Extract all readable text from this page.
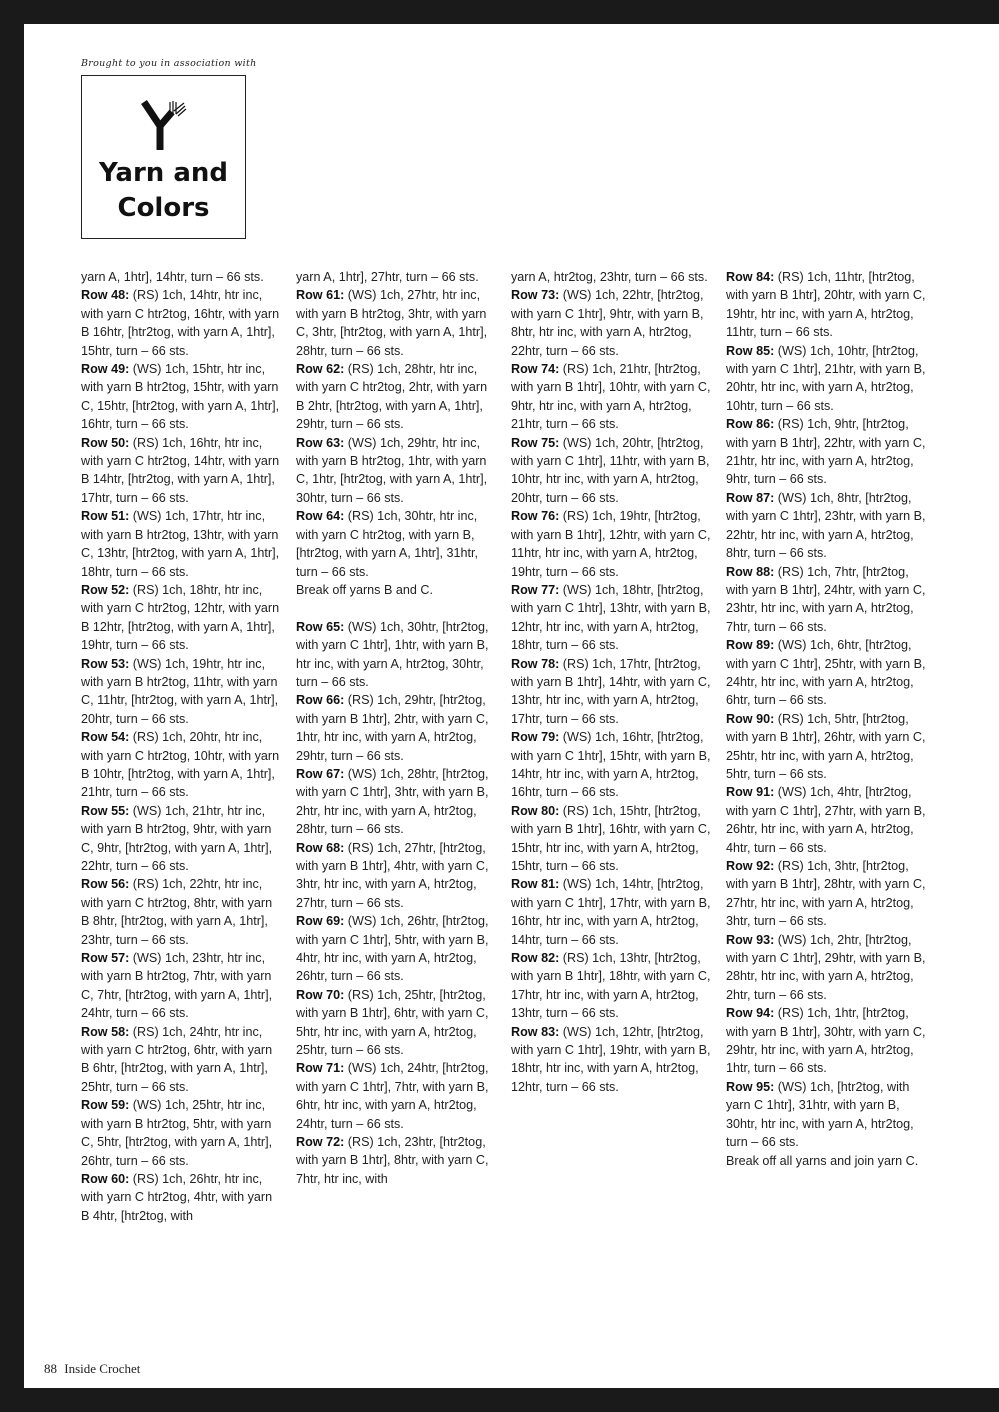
Brought to you in association with
Yarn and
Colors
yarn A, 1htr], 14htr, turn – 66 sts.
Row 48: (RS) 1ch, 14htr, htr inc, with yarn C htr2tog, 16htr, with yarn B 16htr, [htr2tog, with yarn A, 1htr], 15htr, turn – 66 sts.
Row 49: (WS) 1ch, 15htr, htr inc, with yarn B htr2tog, 15htr, with yarn C, 15htr, [htr2tog, with yarn A, 1htr], 16htr, turn – 66 sts.
Row 50: (RS) 1ch, 16htr, htr inc, with yarn C htr2tog, 14htr, with yarn B 14htr, [htr2tog, with yarn A, 1htr], 17htr, turn – 66 sts.
Row 51: (WS) 1ch, 17htr, htr inc, with yarn B htr2tog, 13htr, with yarn C, 13htr, [htr2tog, with yarn A, 1htr], 18htr, turn – 66 sts.
Row 52: (RS) 1ch, 18htr, htr inc, with yarn C htr2tog, 12htr, with yarn B 12htr, [htr2tog, with yarn A, 1htr], 19htr, turn – 66 sts.
Row 53: (WS) 1ch, 19htr, htr inc, with yarn B htr2tog, 11htr, with yarn C, 11htr, [htr2tog, with yarn A, 1htr], 20htr, turn – 66 sts.
Row 54: (RS) 1ch, 20htr, htr inc, with yarn C htr2tog, 10htr, with yarn B 10htr, [htr2tog, with yarn A, 1htr], 21htr, turn – 66 sts.
Row 55: (WS) 1ch, 21htr, htr inc, with yarn B htr2tog, 9htr, with yarn C, 9htr, [htr2tog, with yarn A, 1htr], 22htr, turn – 66 sts.
Row 56: (RS) 1ch, 22htr, htr inc, with yarn C htr2tog, 8htr, with yarn B 8htr, [htr2tog, with yarn A, 1htr], 23htr, turn – 66 sts.
Row 57: (WS) 1ch, 23htr, htr inc, with yarn B htr2tog, 7htr, with yarn C, 7htr, [htr2tog, with yarn A, 1htr], 24htr, turn – 66 sts.
Row 58: (RS) 1ch, 24htr, htr inc, with yarn C htr2tog, 6htr, with yarn B 6htr, [htr2tog, with yarn A, 1htr], 25htr, turn – 66 sts.
Row 59: (WS) 1ch, 25htr, htr inc, with yarn B htr2tog, 5htr, with yarn C, 5htr, [htr2tog, with yarn A, 1htr], 26htr, turn – 66 sts.
Row 60: (RS) 1ch, 26htr, htr inc, with yarn C htr2tog, 4htr, with yarn B 4htr, [htr2tog, with
yarn A, 1htr], 27htr, turn – 66 sts.
Row 61: (WS) 1ch, 27htr, htr inc, with yarn B htr2tog, 3htr, with yarn C, 3htr, [htr2tog, with yarn A, 1htr], 28htr, turn – 66 sts.
Row 62: (RS) 1ch, 28htr, htr inc, with yarn C htr2tog, 2htr, with yarn B 2htr, [htr2tog, with yarn A, 1htr], 29htr, turn – 66 sts.
Row 63: (WS) 1ch, 29htr, htr inc, with yarn B htr2tog, 1htr, with yarn C, 1htr, [htr2tog, with yarn A, 1htr], 30htr, turn – 66 sts.
Row 64: (RS) 1ch, 30htr, htr inc, with yarn C htr2tog, with yarn B, [htr2tog, with yarn A, 1htr], 31htr, turn – 66 sts.
Break off yarns B and C.
Row 65: (WS) 1ch, 30htr, [htr2tog, with yarn C 1htr], 1htr, with yarn B, htr inc, with yarn A, htr2tog, 30htr, turn – 66 sts.
Row 66: (RS) 1ch, 29htr, [htr2tog, with yarn B 1htr], 2htr, with yarn C, 1htr, htr inc, with yarn A, htr2tog, 29htr, turn – 66 sts.
Row 67: (WS) 1ch, 28htr, [htr2tog, with yarn C 1htr], 3htr, with yarn B, 2htr, htr inc, with yarn A, htr2tog, 28htr, turn – 66 sts.
Row 68: (RS) 1ch, 27htr, [htr2tog, with yarn B 1htr], 4htr, with yarn C, 3htr, htr inc, with yarn A, htr2tog, 27htr, turn – 66 sts.
Row 69: (WS) 1ch, 26htr, [htr2tog, with yarn C 1htr], 5htr, with yarn B, 4htr, htr inc, with yarn A, htr2tog, 26htr, turn – 66 sts.
Row 70: (RS) 1ch, 25htr, [htr2tog, with yarn B 1htr], 6htr, with yarn C, 5htr, htr inc, with yarn A, htr2tog, 25htr, turn – 66 sts.
Row 71: (WS) 1ch, 24htr, [htr2tog, with yarn C 1htr], 7htr, with yarn B, 6htr, htr inc, with yarn A, htr2tog, 24htr, turn – 66 sts.
Row 72: (RS) 1ch, 23htr, [htr2tog, with yarn B 1htr], 8htr, with yarn C, 7htr, htr inc, with
yarn A, htr2tog, 23htr, turn – 66 sts.
Row 73: (WS) 1ch, 22htr, [htr2tog, with yarn C 1htr], 9htr, with yarn B, 8htr, htr inc, with yarn A, htr2tog, 22htr, turn – 66 sts.
Row 74: (RS) 1ch, 21htr, [htr2tog, with yarn B 1htr], 10htr, with yarn C, 9htr, htr inc, with yarn A, htr2tog, 21htr, turn – 66 sts.
Row 75: (WS) 1ch, 20htr, [htr2tog, with yarn C 1htr], 11htr, with yarn B, 10htr, htr inc, with yarn A, htr2tog, 20htr, turn – 66 sts.
Row 76: (RS) 1ch, 19htr, [htr2tog, with yarn B 1htr], 12htr, with yarn C, 11htr, htr inc, with yarn A, htr2tog, 19htr, turn – 66 sts.
Row 77: (WS) 1ch, 18htr, [htr2tog, with yarn C 1htr], 13htr, with yarn B, 12htr, htr inc, with yarn A, htr2tog, 18htr, turn – 66 sts.
Row 78: (RS) 1ch, 17htr, [htr2tog, with yarn B 1htr], 14htr, with yarn C, 13htr, htr inc, with yarn A, htr2tog, 17htr, turn – 66 sts.
Row 79: (WS) 1ch, 16htr, [htr2tog, with yarn C 1htr], 15htr, with yarn B, 14htr, htr inc, with yarn A, htr2tog, 16htr, turn – 66 sts.
Row 80: (RS) 1ch, 15htr, [htr2tog, with yarn B 1htr], 16htr, with yarn C, 15htr, htr inc, with yarn A, htr2tog, 15htr, turn – 66 sts.
Row 81: (WS) 1ch, 14htr, [htr2tog, with yarn C 1htr], 17htr, with yarn B, 16htr, htr inc, with yarn A, htr2tog, 14htr, turn – 66 sts.
Row 82: (RS) 1ch, 13htr, [htr2tog, with yarn B 1htr], 18htr, with yarn C, 17htr, htr inc, with yarn A, htr2tog, 13htr, turn – 66 sts.
Row 83: (WS) 1ch, 12htr, [htr2tog, with yarn C 1htr], 19htr, with yarn B, 18htr, htr inc, with yarn A, htr2tog, 12htr, turn – 66 sts.
Row 84: (RS) 1ch, 11htr, [htr2tog, with yarn B 1htr], 20htr, with yarn C, 19htr, htr inc, with yarn A, htr2tog, 11htr, turn – 66 sts.
Row 85: (WS) 1ch, 10htr, [htr2tog, with yarn C 1htr], 21htr, with yarn B, 20htr, htr inc, with yarn A, htr2tog, 10htr, turn – 66 sts.
Row 86: (RS) 1ch, 9htr, [htr2tog, with yarn B 1htr], 22htr, with yarn C, 21htr, htr inc, with yarn A, htr2tog, 9htr, turn – 66 sts.
Row 87: (WS) 1ch, 8htr, [htr2tog, with yarn C 1htr], 23htr, with yarn B, 22htr, htr inc, with yarn A, htr2tog, 8htr, turn – 66 sts.
Row 88: (RS) 1ch, 7htr, [htr2tog, with yarn B 1htr], 24htr, with yarn C, 23htr, htr inc, with yarn A, htr2tog, 7htr, turn – 66 sts.
Row 89: (WS) 1ch, 6htr, [htr2tog, with yarn C 1htr], 25htr, with yarn B, 24htr, htr inc, with yarn A, htr2tog, 6htr, turn – 66 sts.
Row 90: (RS) 1ch, 5htr, [htr2tog, with yarn B 1htr], 26htr, with yarn C, 25htr, htr inc, with yarn A, htr2tog, 5htr, turn – 66 sts.
Row 91: (WS) 1ch, 4htr, [htr2tog, with yarn C 1htr], 27htr, with yarn B, 26htr, htr inc, with yarn A, htr2tog, 4htr, turn – 66 sts.
Row 92: (RS) 1ch, 3htr, [htr2tog, with yarn B 1htr], 28htr, with yarn C, 27htr, htr inc, with yarn A, htr2tog, 3htr, turn – 66 sts.
Row 93: (WS) 1ch, 2htr, [htr2tog, with yarn C 1htr], 29htr, with yarn B, 28htr, htr inc, with yarn A, htr2tog, 2htr, turn – 66 sts.
Row 94: (RS) 1ch, 1htr, [htr2tog, with yarn B 1htr], 30htr, with yarn C, 29htr, htr inc, with yarn A, htr2tog, 1htr, turn – 66 sts.
Row 95: (WS) 1ch, [htr2tog, with yarn C 1htr], 31htr, with yarn B, 30htr, htr inc, with yarn A, htr2tog, turn – 66 sts.
Break off all yarns and join yarn C.
88 Inside Crochet
